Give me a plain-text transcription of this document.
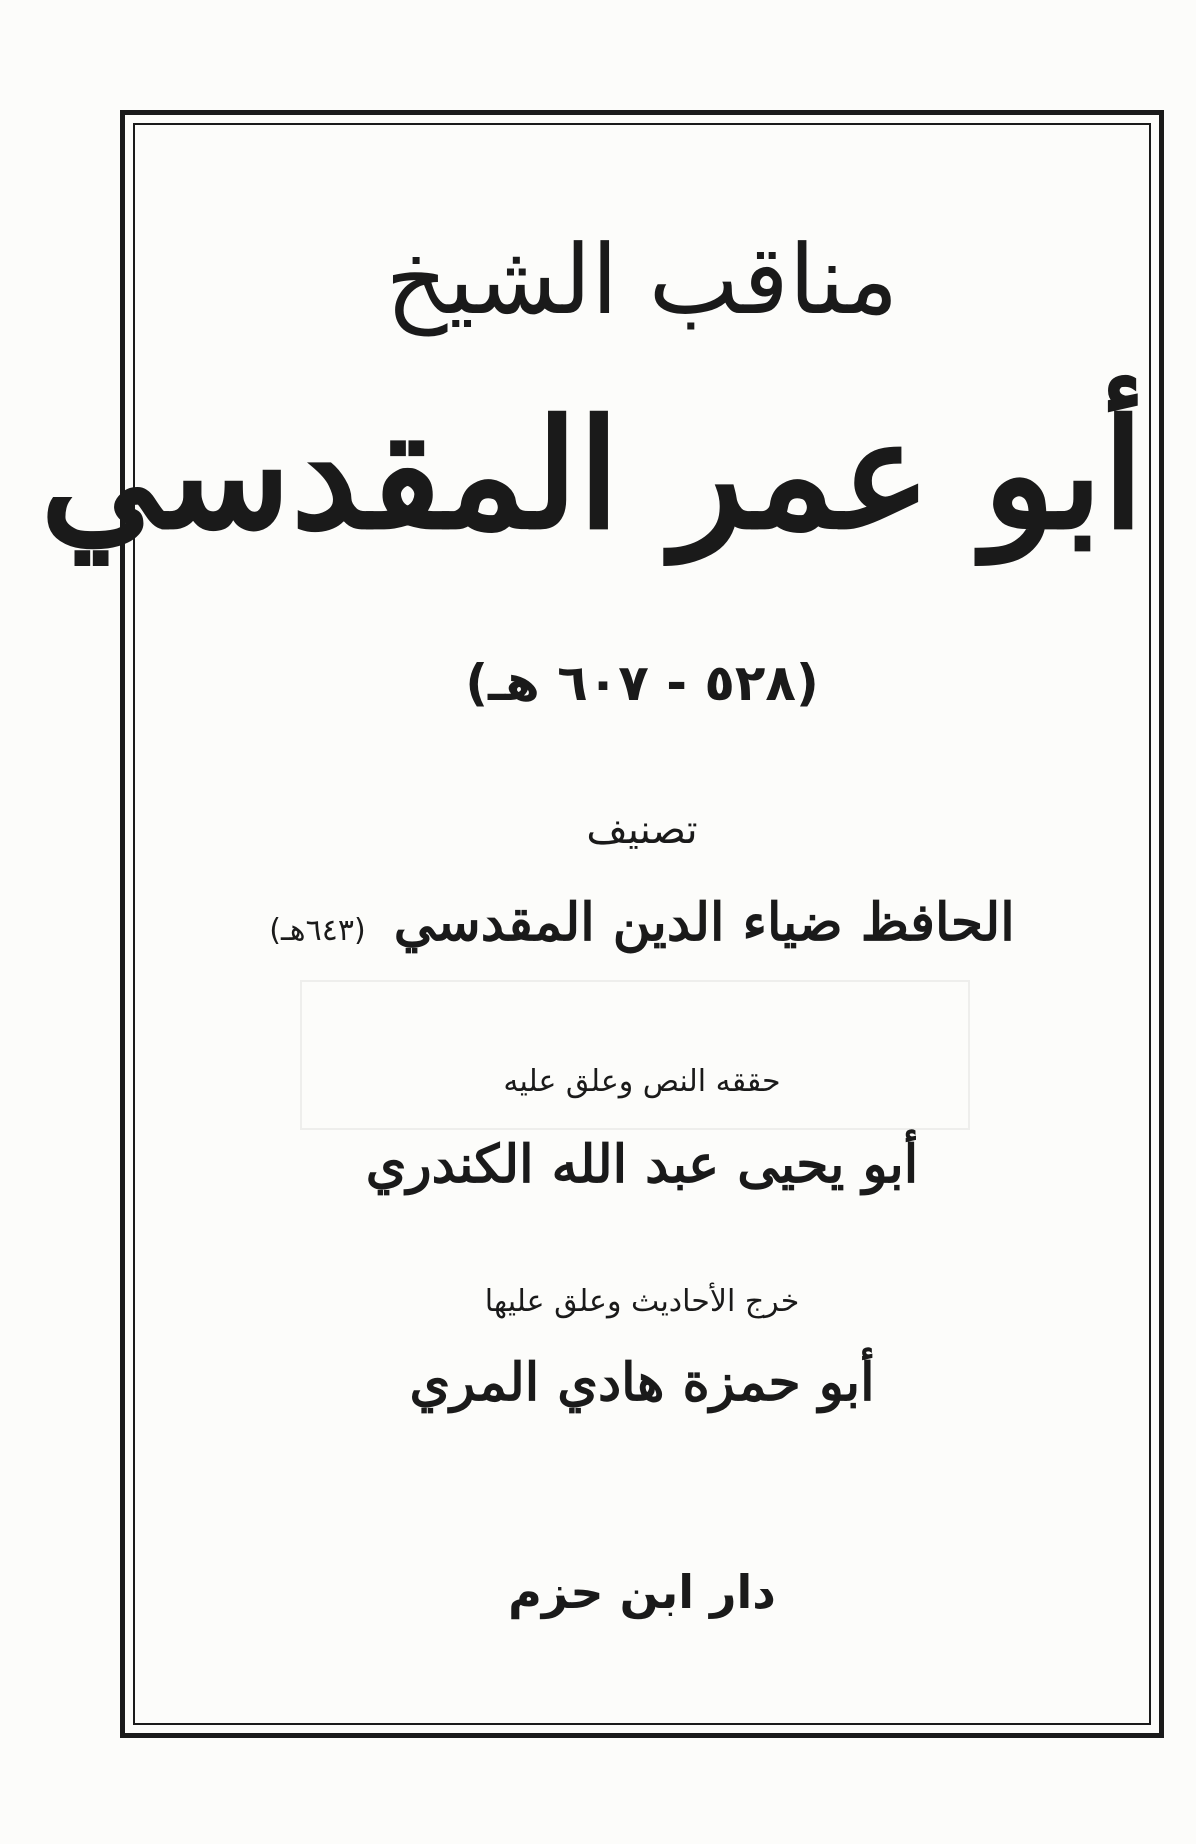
مناقب الشيخ
أبو عمر المقدسي
(٥٢٨ - ٦٠٧ هـ)
تصنيف
الحافظ ضياء الدين المقدسي (٦٤٣هـ)
حققه النص وعلق عليه
أبو يحيى عبد الله الكندري
خرج الأحاديث وعلق عليها
أبو حمزة هادي المري
دار ابن حزم
